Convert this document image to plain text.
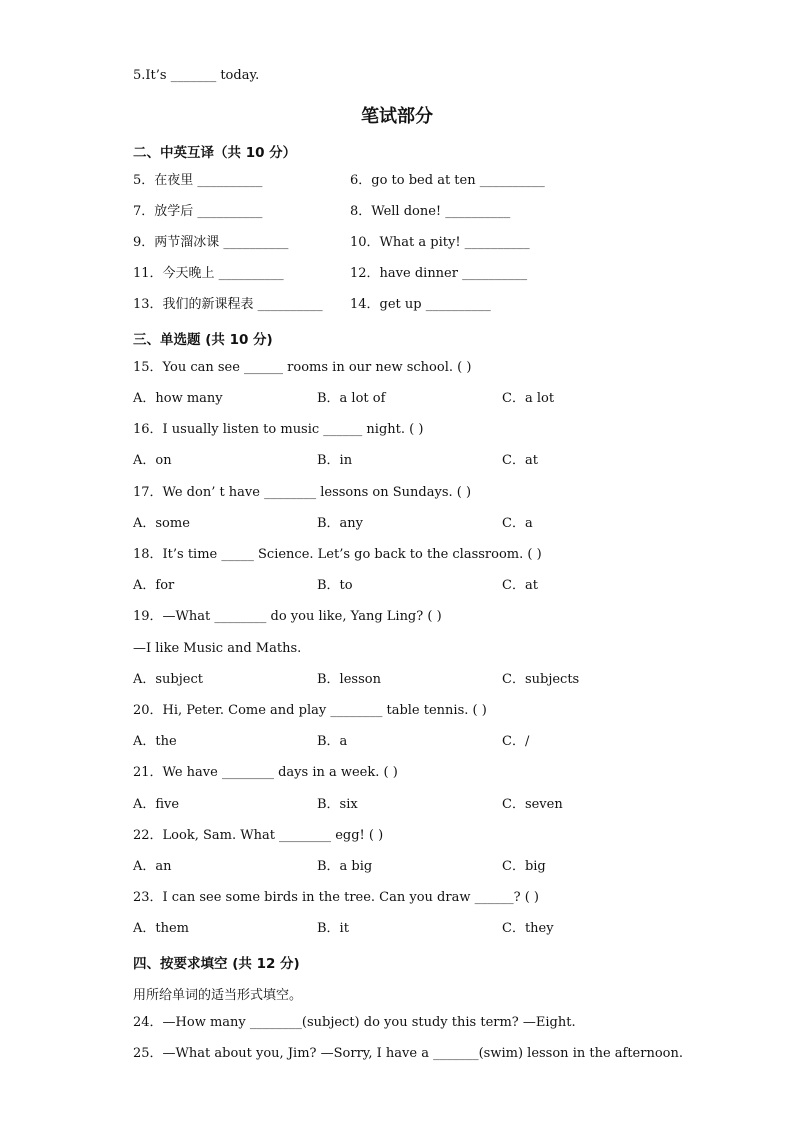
5.It’s _______ today.
笔试部分
二、中英互译（共 10 分）
5．在夜里 __________	6．go to bed at ten __________
7．放学后 __________	8．Well done! __________
9．两节溜冰课 __________	10．What a pity! __________
11．今天晚上 __________	12．have dinner __________
13．我们的新课程表 __________ 14．get up __________
三、单选题 (共 10 分)
15．You can see ______ rooms in our new school. ( )
A．how many	B．a lot of	C．a lot
16．I usually listen to music ______ night. ( )
A．on	B．in	C．at
17．We don’ t have ________ lessons on Sundays. ( )
A．some	B．any	C．a
18．It’s time _____ Science. Let’s go back to the classroom. ( )
A．for	B．to	C．at
19．—What ________ do you like, Yang Ling? ( )
—I like Music and Maths.
A．subject	B．lesson	C．subjects
20．Hi, Peter. Come and play ________ table tennis. ( )
A．the	B．a	C．/
21．We have ________ days in a week. ( )
A．five	B．six	C．seven
22．Look, Sam. What ________ egg! ( )
A．an	B．a big	C．big
23．I can see some birds in the tree. Can you draw ______? ( )
A．them	B．it	C．they
四、按要求填空 (共 12 分)
用所给单词的适当形式填空。
24．—How many ________(subject) do you study this term? —Eight.
25．—What about you, Jim? —Sorry, I have a _______(swim) lesson in the afternoon.
